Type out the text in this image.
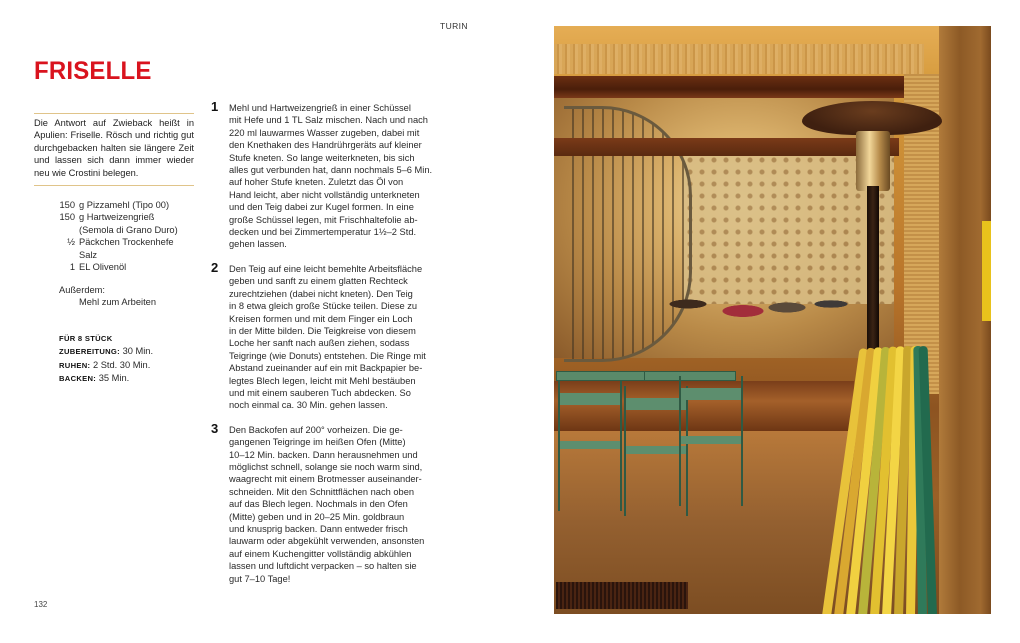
TURIN
FRISELLE
Die Antwort auf Zwieback heißt in Apulien: Friselle. Rösch und richtig gut durchgebacken halten sie längere Zeit und lassen sich dann immer wieder neu wie Crostini belegen.
150 g Pizzamehl (Tipo 00)
150 g Hartweizengrieß
(Semola di Grano Duro)
½ Päckchen Trockenhefe
Salz
1 EL Olivenöl
Außerdem:
Mehl zum Arbeiten
FÜR 8 STÜCK
ZUBEREITUNG: 30 Min.
RUHEN: 2 Std. 30 Min.
BACKEN: 35 Min.
1 Mehl und Hartweizengrieß in einer Schüssel
mit Hefe und 1 TL Salz mischen. Nach und nach
220 ml lauwarmes Wasser zugeben, dabei mit
den Knethaken des Handrührgeräts auf kleiner
Stufe kneten. So lange weiterkneten, bis sich
alles gut verbunden hat, dann nochmals 5–6 Min.
auf hoher Stufe kneten. Zuletzt das Öl von
Hand leicht, aber nicht vollständig unterkneten
und den Teig dabei zur Kugel formen. In eine
große Schüssel legen, mit Frischhaltefolie ab-
decken und bei Zimmertemperatur 1½–2 Std.
gehen lassen.
2 Den Teig auf eine leicht bemehlte Arbeitsfläche
geben und sanft zu einem glatten Rechteck
zurechtziehen (dabei nicht kneten). Den Teig
in 8 etwa gleich große Stücke teilen. Diese zu
Kreisen formen und mit dem Finger ein Loch
in der Mitte bilden. Die Teigkreise von diesem
Loche her sanft nach außen ziehen, sodass
Teigringe (wie Donuts) entstehen. Die Ringe mit
Abstand zueinander auf ein mit Backpapier be-
legtes Blech legen, leicht mit Mehl bestäuben
und mit einem sauberen Tuch abdecken. So
noch einmal ca. 30 Min. gehen lassen.
3 Den Backofen auf 200° vorheizen. Die ge-
gangenen Teigringe im heißen Ofen (Mitte)
10–12 Min. backen. Dann herausnehmen und
möglichst schnell, solange sie noch warm sind,
waagrecht mit einem Brotmesser auseinander-
schneiden. Mit den Schnittflächen nach oben
auf das Blech legen. Nochmals in den Ofen
(Mitte) geben und in 20–25 Min. goldbraun
und knusprig backen. Dann entweder frisch
lauwarm oder abgekühlt verwenden, ansonsten
auf einem Kuchengitter vollständig abkühlen
lassen und luftdicht verpacken – so halten sie
gut 7–10 Tage!
132
